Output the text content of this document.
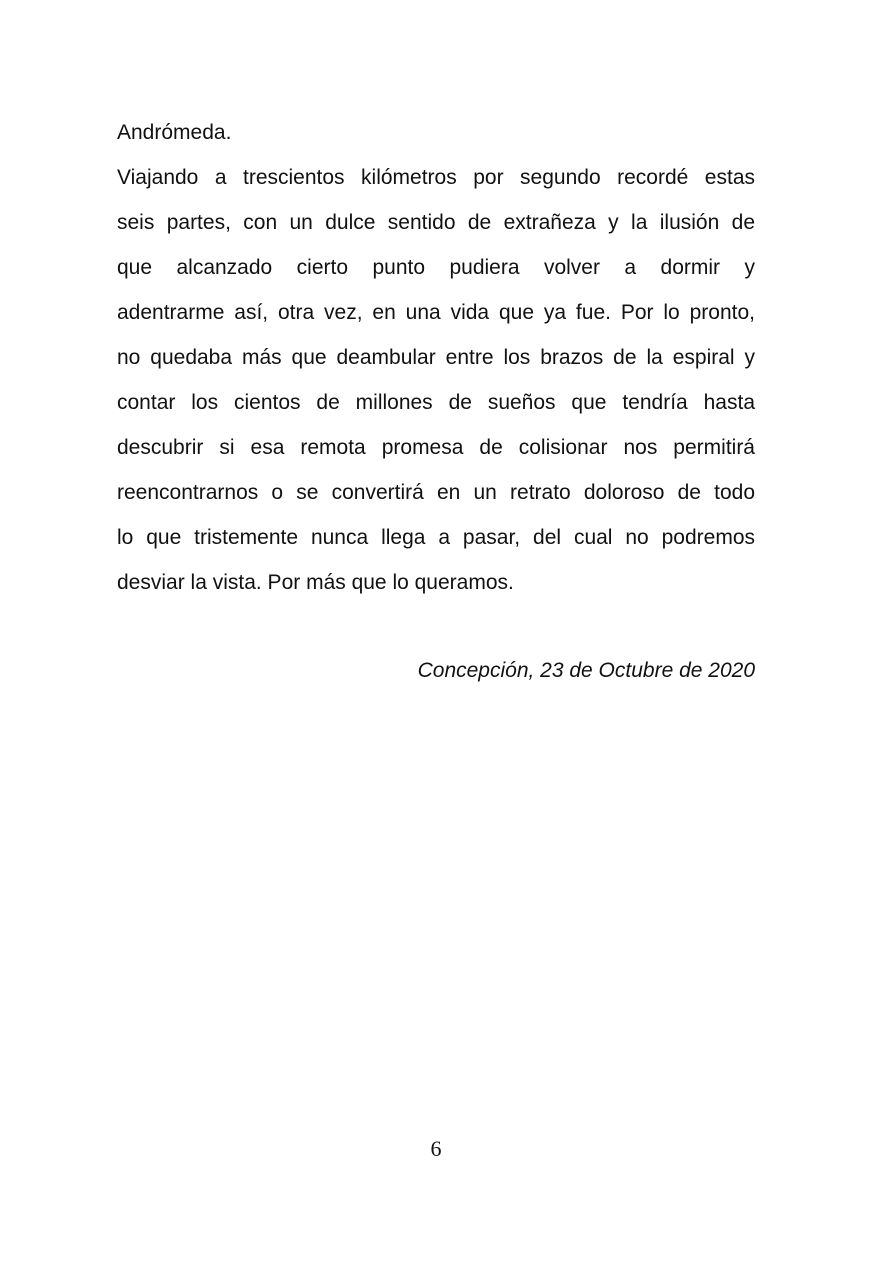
Andrómeda.
Viajando a trescientos kilómetros por segundo recordé estas
seis partes, con un dulce sentido de extrañeza y la ilusión de
que alcanzado cierto punto pudiera volver a dormir y
adentrarme así, otra vez, en una vida que ya fue. Por lo pronto,
no quedaba más que deambular entre los brazos de la espiral y
contar los cientos de millones de sueños que tendría hasta
descubrir si esa remota promesa de colisionar nos permitirá
reencontrarnos o se convertirá en un retrato doloroso de todo
lo que tristemente nunca llega a pasar, del cual no podremos
desviar la vista. Por más que lo queramos.
Concepción, 23 de Octubre de 2020
6
